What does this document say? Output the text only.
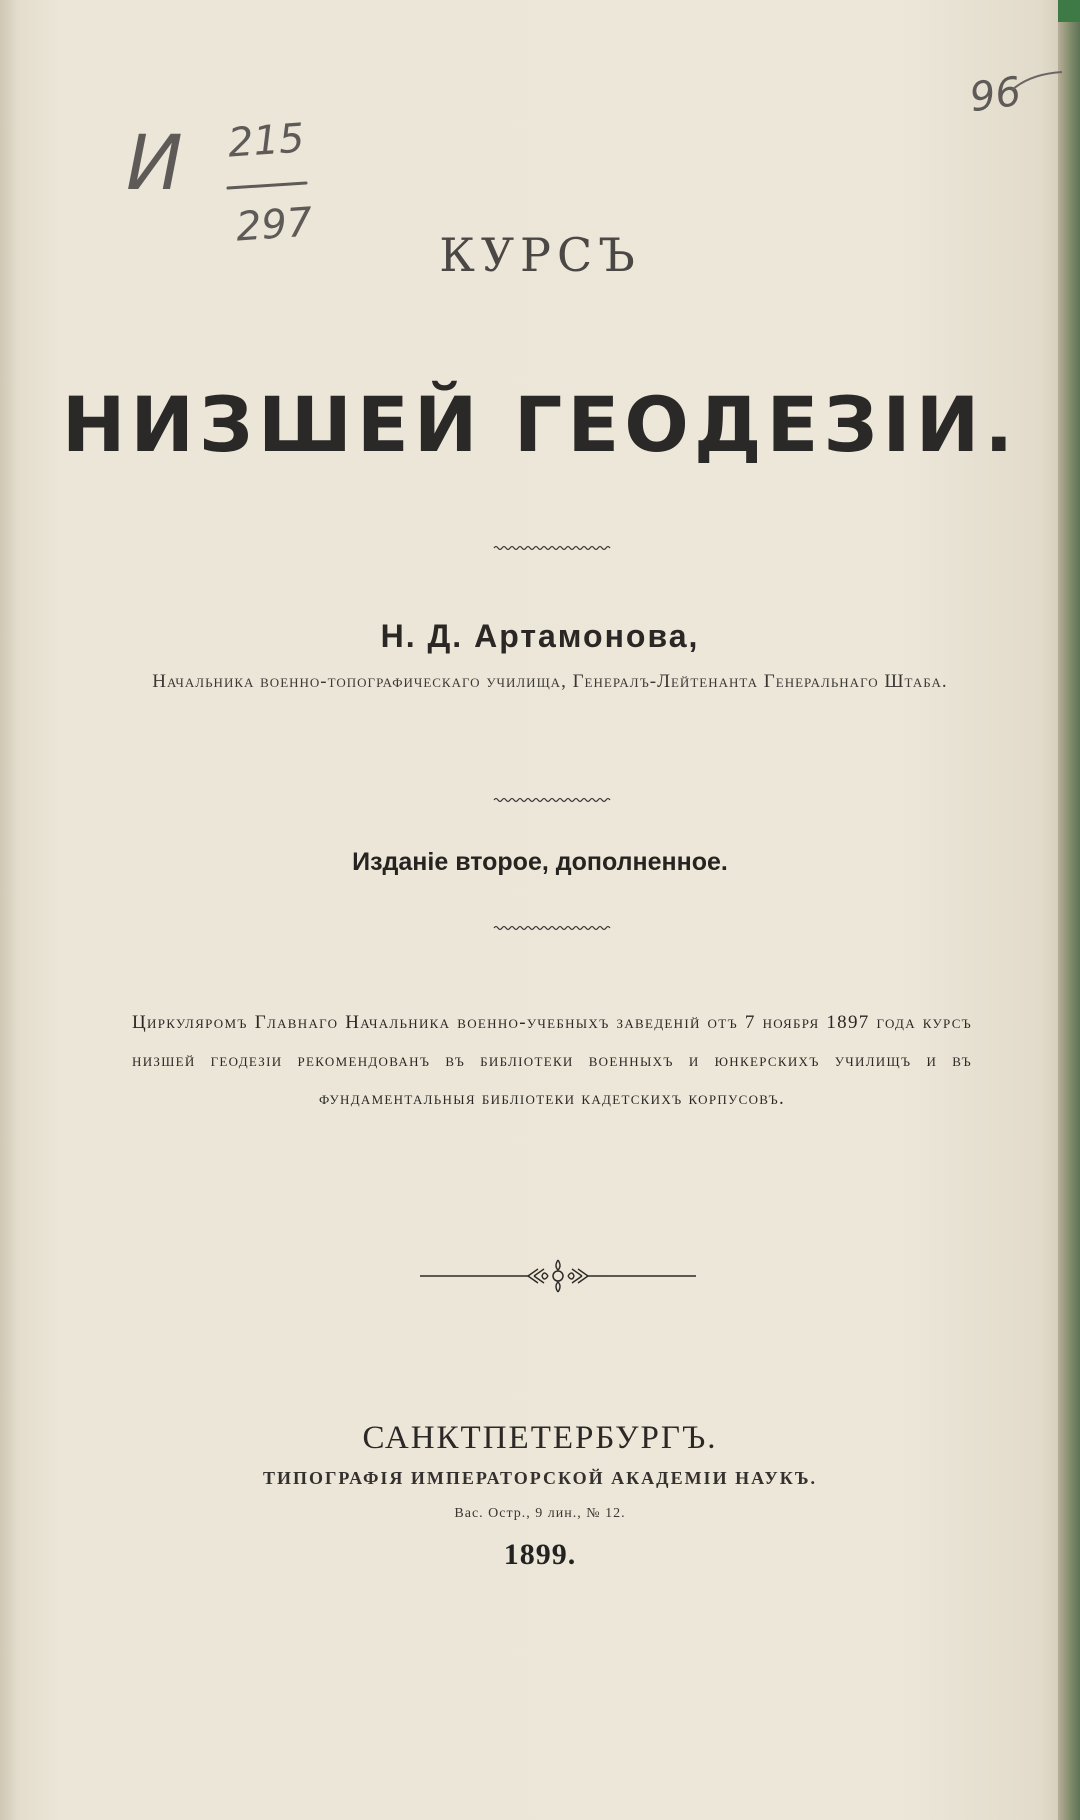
И 215
297
96
КУРСЪ
НИЗШЕЙ ГЕОДЕЗІИ.
Н. Д. Артамонова,
Начальника военно-топографическаго училища, Генералъ-Лейтенанта Генеральнаго Штаба.
Изданіе второе, дополненное.
Циркуляромъ Главнаго Начальника военно-учебныхъ заведеній отъ 7 ноября 1897 года курсъ низшей геодезіи рекомендованъ въ библіотеки военныхъ и юнкерскихъ училищъ и въ фундаментальныя библіотеки кадетскихъ корпусовъ.
САНКТПЕТЕРБУРГЪ.
ТИПОГРАФІЯ ИМПЕРАТОРСКОЙ АКАДЕМІИ НАУКЪ.
Вас. Остр., 9 лин., № 12.
1899.
